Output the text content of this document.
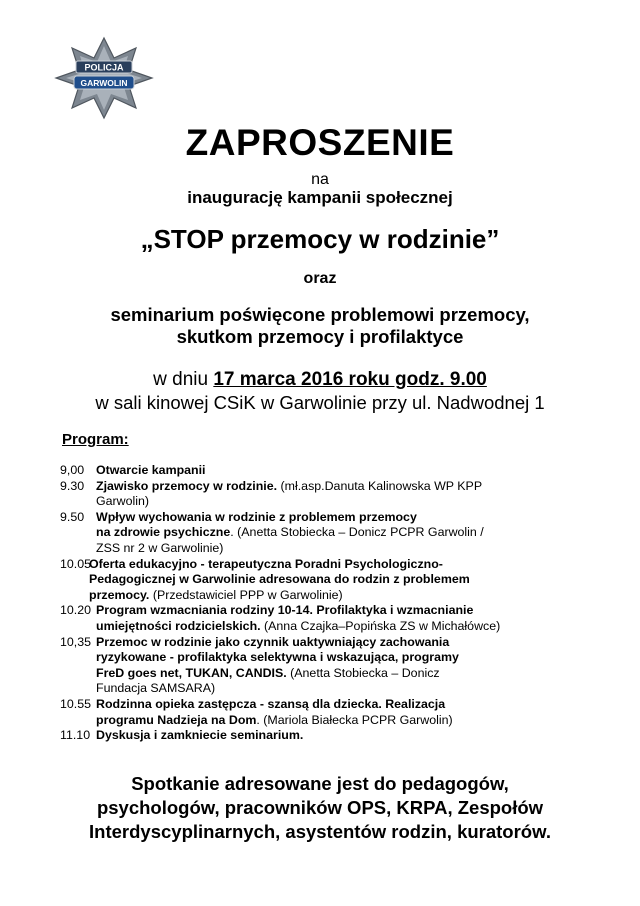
POLICJA
GARWOLIN
ZAPROSZENIE
na
inaugurację kampanii społecznej
„STOP przemocy w rodzinie”
oraz
seminarium poświęcone problemowi przemocy,
skutkom przemocy i profilaktyce
w dniu 17 marca 2016 roku godz. 9.00
w sali kinowej CSiK w Garwolinie przy ul. Nadwodnej 1
Program:
9,00 Otwarcie kampanii
9.30 Zjawisko przemocy w rodzinie. (mł.asp.Danuta Kalinowska WP KPP
Garwolin)
9.50 Wpływ wychowania w rodzinie z problemem przemocy
na zdrowie psychiczne. (Anetta Stobiecka – Donicz PCPR Garwolin /
ZSS nr 2 w Garwolinie)
10.05
Oferta edukacyjno - terapeutyczna Poradni Psychologiczno-
Pedagogicznej w Garwolinie adresowana do rodzin z problemem
przemocy. (Przedstawiciel PPP w Garwolinie)
10.20 Program wzmacniania rodziny 10-14. Profilaktyka i wzmacnianie
umiejętności rodzicielskich. (Anna Czajka–Popińska ZS w Michałówce)
10,35 Przemoc w rodzinie jako czynnik uaktywniający zachowania
ryzykowane - profilaktyka selektywna i wskazująca, programy
FreD goes net, TUKAN, CANDIS. (Anetta Stobiecka – Donicz
Fundacja SAMSARA)
10.55 Rodzinna opieka zastępcza - szansą dla dziecka. Realizacja
programu Nadzieja na Dom. (Mariola Białecka PCPR Garwolin)
11.10 Dyskusja i zamkniecie seminarium.
Spotkanie adresowane jest do pedagogów,
psychologów, pracowników OPS, KRPA, Zespołów
Interdyscyplinarnych, asystentów rodzin, kuratorów.
